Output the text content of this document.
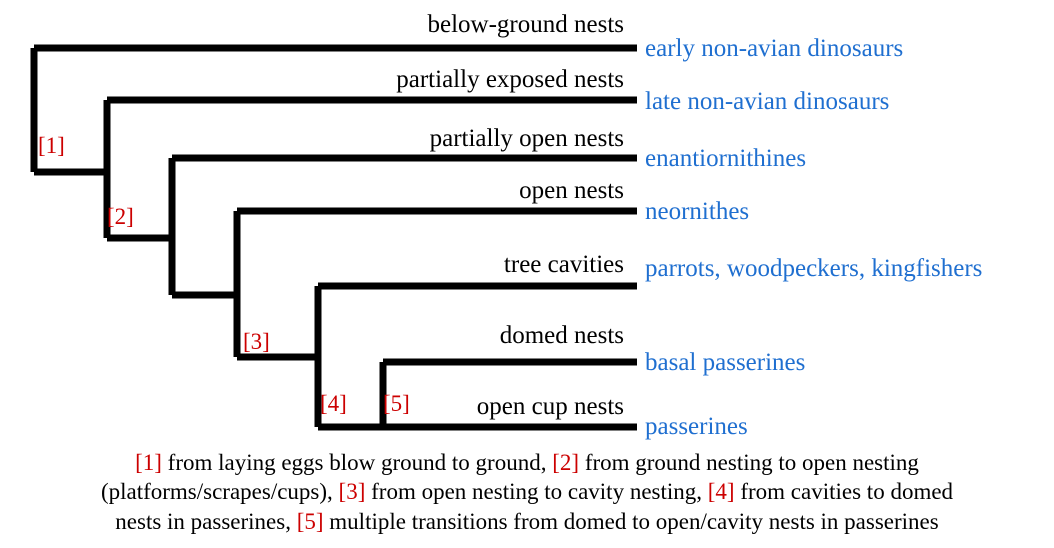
below-ground nests
partially exposed nests
partially open nests
open nests
tree cavities
domed nests
open cup nests
early non-avian dinosaurs
late non-avian dinosaurs
enantiornithines
neornithes
parrots, woodpeckers, kingfishers
basal passerines
passerines
[1]
[2]
[3]
[4] [5]
[1] from laying eggs blow ground to ground, [2] from ground nesting to open nesting
(platforms/scrapes/cups), [3] from open nesting to cavity nesting, [4] from cavities to domed
nests in passerines, [5] multiple transitions from domed to open/cavity nests in passerines
